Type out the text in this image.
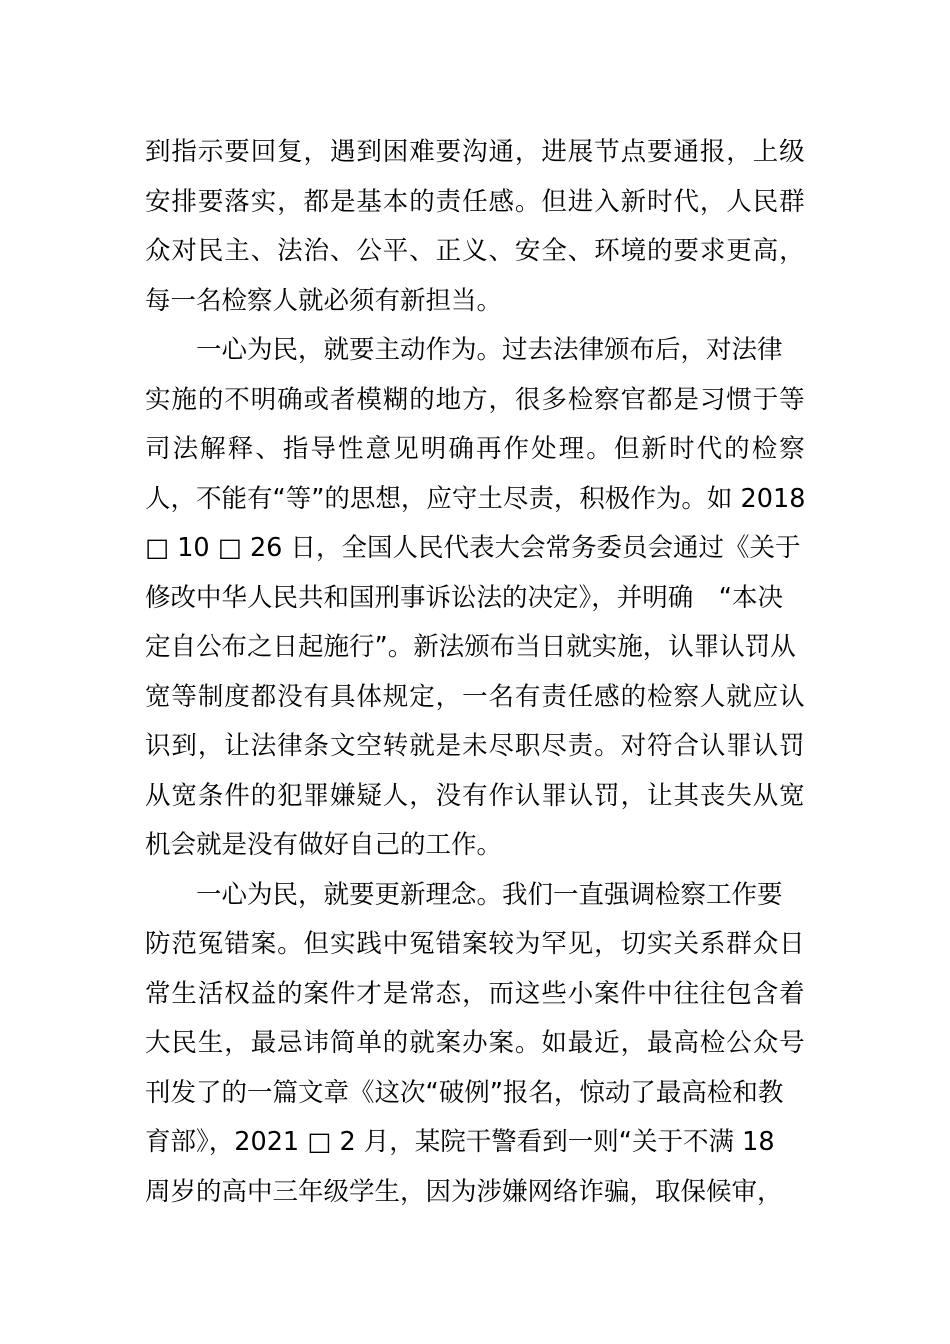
到 指 示 要 回 复 ， 遇 到 困 难 要 沟 通 ， 进 展 节 点 要 通 报 ， 上 级
安 排 要 落 实 ， 都 是 基 本 的 责 任 感 。 但 进 入 新 时 代 ， 人 民 群
众 对 民 主 、 法 治 、 公 平 、 正 义 、 安 全 、 环 境 的 要 求 更 高 ，
每一名检察人就必须有新担当。
　　一心为民，就要主动作为。过去法律颁布后，对法律
实 施 的 不 明 确 或 者 模 糊 的 地 方 ， 很 多 检 察 官 都 是 习 惯 于 等
司 法 解 释 、 指 导 性 意 见 明 确 再 作 处 理 。 但 新 时 代 的 检 察
人，不能有“等”的思想，应守土尽责，积极作为。如 2018
□ 10 □ 26 日，全国人民代表大会常务委员会通过《关于
修改中华人民共和国刑事诉讼法的决定》，并明确　“本决
定自公布之日起施行”。新法颁布当日就实施，认罪认罚从
宽 等 制 度 都 没 有 具 体 规 定 ， 一 名 有 责 任 感 的 检 察 人 就 应 认
识 到 ， 让 法 律 条 文 空 转 就 是 未 尽 职 尽 责 。 对 符 合 认 罪 认 罚
从 宽 条 件 的 犯 罪 嫌 疑 人 ， 没 有 作 认 罪 认 罚 ， 让 其 丧 失 从 宽
机会就是没有做好自己的工作。
　　一心为民，就要更新理念。我们一直强调检察工作要
防 范 冤 错 案 。 但 实 践 中 冤 错 案 较 为 罕 见 ， 切 实 关 系 群 众 日
常 生 活 权 益 的 案 件 才 是 常 态 ， 而 这 些 小 案 件 中 往 往 包 含 着
大 民 生 ， 最 忌 讳 简 单 的 就 案 办 案 。 如 最 近 ， 最 高 检 公 众 号
刊发了的一篇文章《这次“破例”报名，惊动了最高检和教
育部》，2021 □ 2 月，某院干警看到一则“关于不满 18
周岁的高中三年级学生，因为涉嫌网络诈骗，取保候审，
